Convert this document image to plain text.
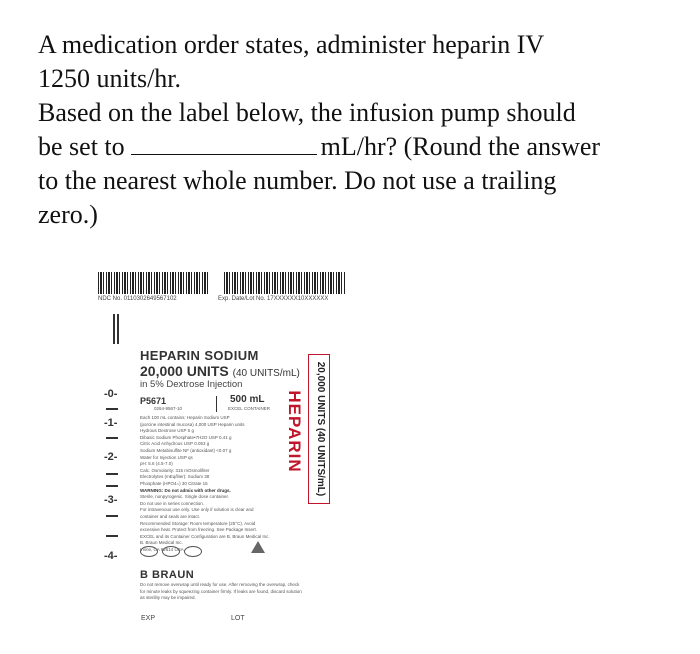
A medication order states, administer heparin IV

1250 units/hr.

Based on the label below, the infusion pump should

be set to	mL/hr? (Round the answer

to the nearest whole number. Do not use a trailing

zero.)

NDC No. 0110302649567102	Exp. Date/Lot No. 17XXXXXX10XXXXXX
HEPARIN SODIUM
20,000 UNITS (40 UNITS/mL)
in 5% Dextrose Injection
-0-
-1-
-2-
-3-
-4-
P5671
0264-9567-10
500 mL
EXCEL CONTAINER
Each 100 mL contains: Heparin Sodium USP
(porcine intestinal mucosa) 4,000 USP Heparin units
Hydrous Dextrose USP 5 g
Dibasic Sodium Phosphate•7H2O USP 0.41 g
Citric Acid Anhydrous USP 0.053 g
Sodium Metabisulfite NF (antioxidant) <0.07 g
Water for Injection USP qs
pH: 5.6 (4.5-7.0)
Calc. Osmolarity: 315 mOsmol/liter
Electrolytes (mEq/liter): Sodium 38
Phosphate (HPO4=) 30 Citrate 15
WARNING: Do not admix with other drugs.
Sterile, nonpyrogenic. Single dose container.
Do not use in series connection.
For intravenous use only. Use only if solution is clear and
container and seals are intact.
Recommended Storage: Room temperature (25°C). Avoid
excessive heat. Protect from freezing. See Package Insert.
EXCEL and its Container Configuration are B. Braun Medical Inc.
B. Braun Medical Inc.
Irvine, CA 92614 USA
20,000 UNITS (40 UNITS/mL)
HEPARIN
B BRAUN
Do not remove overwrap until ready for use. After removing the overwrap, check
for minute leaks by squeezing container firmly. If leaks are found, discard solution
as sterility may be impaired.
EXP	LOT
